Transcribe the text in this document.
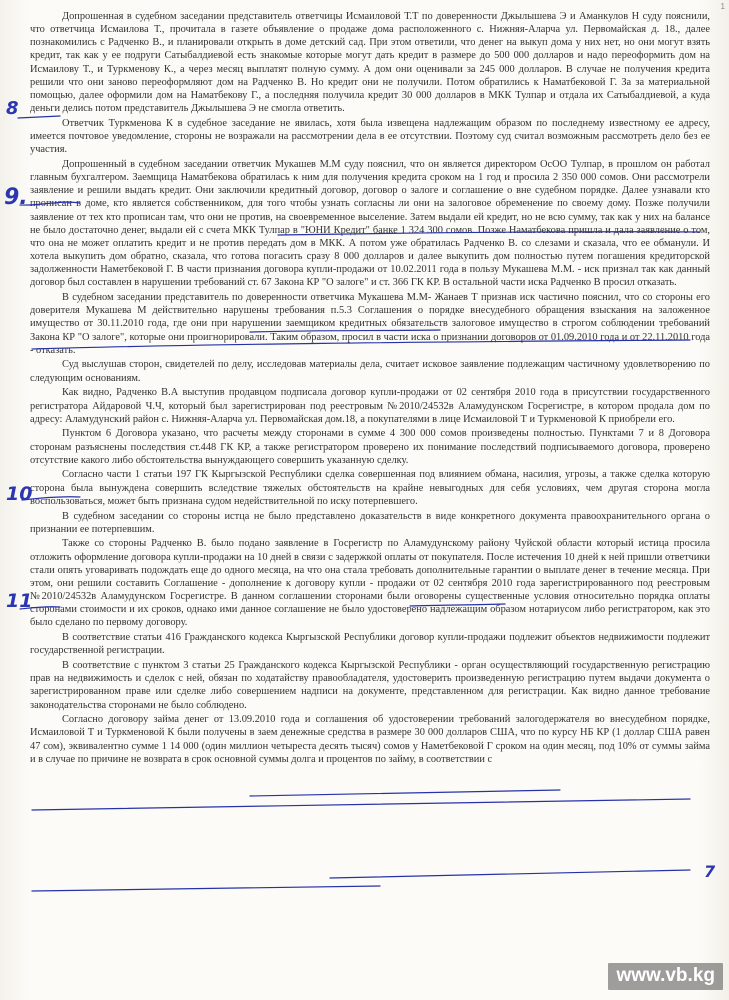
1

Допрошенная в судебном заседании представитель ответчицы Исмаиловой Т.Т по доверенности Джылышева Э и Аманкулов Н суду пояснили, что ответчица Исмаилова Т., прочитала в газете объявление о продаже дома расположенного с. Нижняя-Аларча ул. Первомайская д. 18., далее познакомились с Радченко В., и планировали открыть в доме детский сад. При этом ответили, что денег на выкуп дома у них нет, но они могут взять кредит, так как у ее подруги Сатыбалдиевой есть знакомые которые могут дать кредит в размере до 500 000 долларов и надо переоформить дом на Исмаилову Т., и Туркменову К., а через месяц выплатят полную сумму. А дом они оценивали за 245 000 долларов. В случае не получения кредита решили что они заново переоформляют дом на Радченко В. Но кредит они не получили. Потом обратились к Наматбековой Г. За за материальной помощью, далее оформили дом на Наматбекову Г., а последняя получила кредит 30 000 долларов в МКК Тулпар и отдала их Сатыбалдиевой, а куда деньги делись потом представитель Джылышева Э не смогла ответить.

Ответчик Туркменова К в судебное заседание не явилась, хотя была извещена надлежащим образом по последнему известному ее адресу, имеется почтовое уведомление, стороны не возражали на рассмотрении дела в ее отсутствии. Поэтому суд считал возможным рассмотреть дело без ее участия.

Допрошенный в судебном заседании ответчик Мукашев М.М суду пояснил, что он является директором ОсОО Тулпар, в прошлом он работал главным бухгалтером. Заемщица Наматбекова обратилась к ним для получения кредита сроком на 1 год и просила 2 350 000 сомов. Они рассмотрели заявление и решили выдать кредит. Они заключили кредитный договор, договор о залоге и соглашение о вне судебном порядке. Далее узнавали кто прописан в доме, кто является собственником, для того чтобы узнать согласны ли они на залоговое обременение по своему дому. Позже получили заявление от тех кто прописан там, что они не против, на своевременное выселение. Затем выдали ей кредит, но не всю сумму, так как у них на балансе не было достаточно денег, выдали ей с счета МКК Тулпар в "ЮНИ Кредит" банке 1 324 300 сомов. Позже Наматбекова пришла и дала заявление о том, что она не может оплатить кредит и не против передать дом в МКК. А потом уже обратилась Радченко В. со слезами и сказала, что ее обманули. И хотела выкупить дом обратно, сказала, что готова погасить сразу 8 000 долларов и далее выкупить дом полностью путем погашения кредиторской задолженности Наметбековой Г. В части признания договора купли-продажи от 10.02.2011 года в пользу Мукашева М.М. - иск признал так как данный договор был составлен в нарушении требований ст. 67 Закона КР "О залоге" и ст. 366 ГК КР. В остальной части иска Радченко В просил отказать.

В судебном заседании представитель по доверенности ответчика Мукашева М.М- Жанаев Т признав иск частично пояснил, что со стороны его доверителя Мукашева М действительно нарушены требования п.5.3 Соглашения о порядке внесудебного обращения взыскания на заложенное имущество от 30.11.2010 года, где они при нарушении заемщиком кредитных обязательств залоговое имущество в строгом соблюдении требований Закона КР "О залоге", которые они проигнорировали. Таким образом, просил в части иска о признании договоров от 01.09.2010 года и от 22.11.2010 года - отказать.

Суд выслушав сторон, свидетелей по делу, исследовав материалы дела, считает исковое заявление подлежащим частичному удовлетворению по следующим основаниям.

Как видно, Радченко В.А выступив продавцом подписала договор купли-продажи от 02 сентября 2010 года в присутствии государственного регистратора Айдаровой Ч.Ч, который был зарегистрирован под реестровым №2010/24532в Аламудунском Госрегистре, в котором продала дом по адресу: Аламудунский район с. Нижняя-Аларча ул. Первомайская дом.18, а покупателями в лице Исмаиловой Т и Туркменовой К приобрели его.

Пунктом 6 Договора указано, что расчеты между сторонами в сумме 4 300 000 сомов произведены полностью. Пунктами 7 и 8 Договора сторонам разъяснены последствия ст.448 ГК КР, а также регистратором проверено их понимание последствий подписываемого договора, проверено отсутствие какого либо обстоятельства вынуждающего совершить указанную сделку.

Согласно части 1 статьи 197 ГК Кыргызской Республики сделка совершенная под влиянием обмана, насилия, угрозы, а также сделка которую сторона была вынуждена совершить вследствие тяжелых обстоятельств на крайне невыгодных для себя условиях, чем другая сторона могла воспользоваться, может быть признана судом недействительной по иску потерпевшего.

В судебном заседании со стороны истца не было представлено доказательств в виде конкретного документа правоохранительного органа о признании ее потерпевшим.

Также со стороны Радченко В. было подано заявление в Госрегистр по Аламудунскому району Чуйской области который истица просила отложить оформление договора купли-продажи на 10 дней в связи с задержкой оплаты от покупателя. После истечения 10 дней к ней пришли ответчики стали опять уговаривать подождать еще до одного месяца, на что она стала требовать дополнительные гарантии о выплате денег в течение месяца. При этом, они решили составить Соглашение - дополнение к договору купли - продажи от 02 сентября 2010 года зарегистрированного под реестровым №2010/24532в Аламудунском Госрегистре. В данном соглашении сторонами были оговорены существенные условия относительно порядка оплаты сторонами стоимости и их сроков, однако ими данное соглашение не было удостоверено надлежащим образом нотариусом либо регистратором, как это было сделано по первому договору.

В соответствие статьи 416 Гражданского кодекса Кыргызской Республики договор купли-продажи подлежит объектов недвижимости подлежит государственной регистрации.

В соответствие с пунктом 3 статьи 25 Гражданского кодекса Кыргызской Республики - орган осуществляющий государственную регистрацию прав на недвижимость и сделок с ней, обязан по ходатайству правообладателя, удостоверить произведенную регистрацию путем выдачи документа о зарегистрированном праве или сделке либо совершением надписи на документе, представленном для регистрации. Как видно данное требование законодательства сторонами не было соблюдено.

Согласно договору займа денег от 13.09.2010 года и соглашения об удостоверении требований залогодержателя во внесудебном порядке, Исмаиловой Т и Туркменовой К были получены в заем денежные средства в размере 30 000 долларов США, что по курсу НБ КР (1 доллар США равен 47 сом), эквивалентно сумме 1 14 000 (один миллион четыреста десять тысяч) сомов у Наметбековой Г сроком на один месяц, под 10% от суммы займа и в случае по причине не возврата в срок основной суммы долга и процентов по займу, в соответствии с

8
9.
10
11
7
www.vb.kg
